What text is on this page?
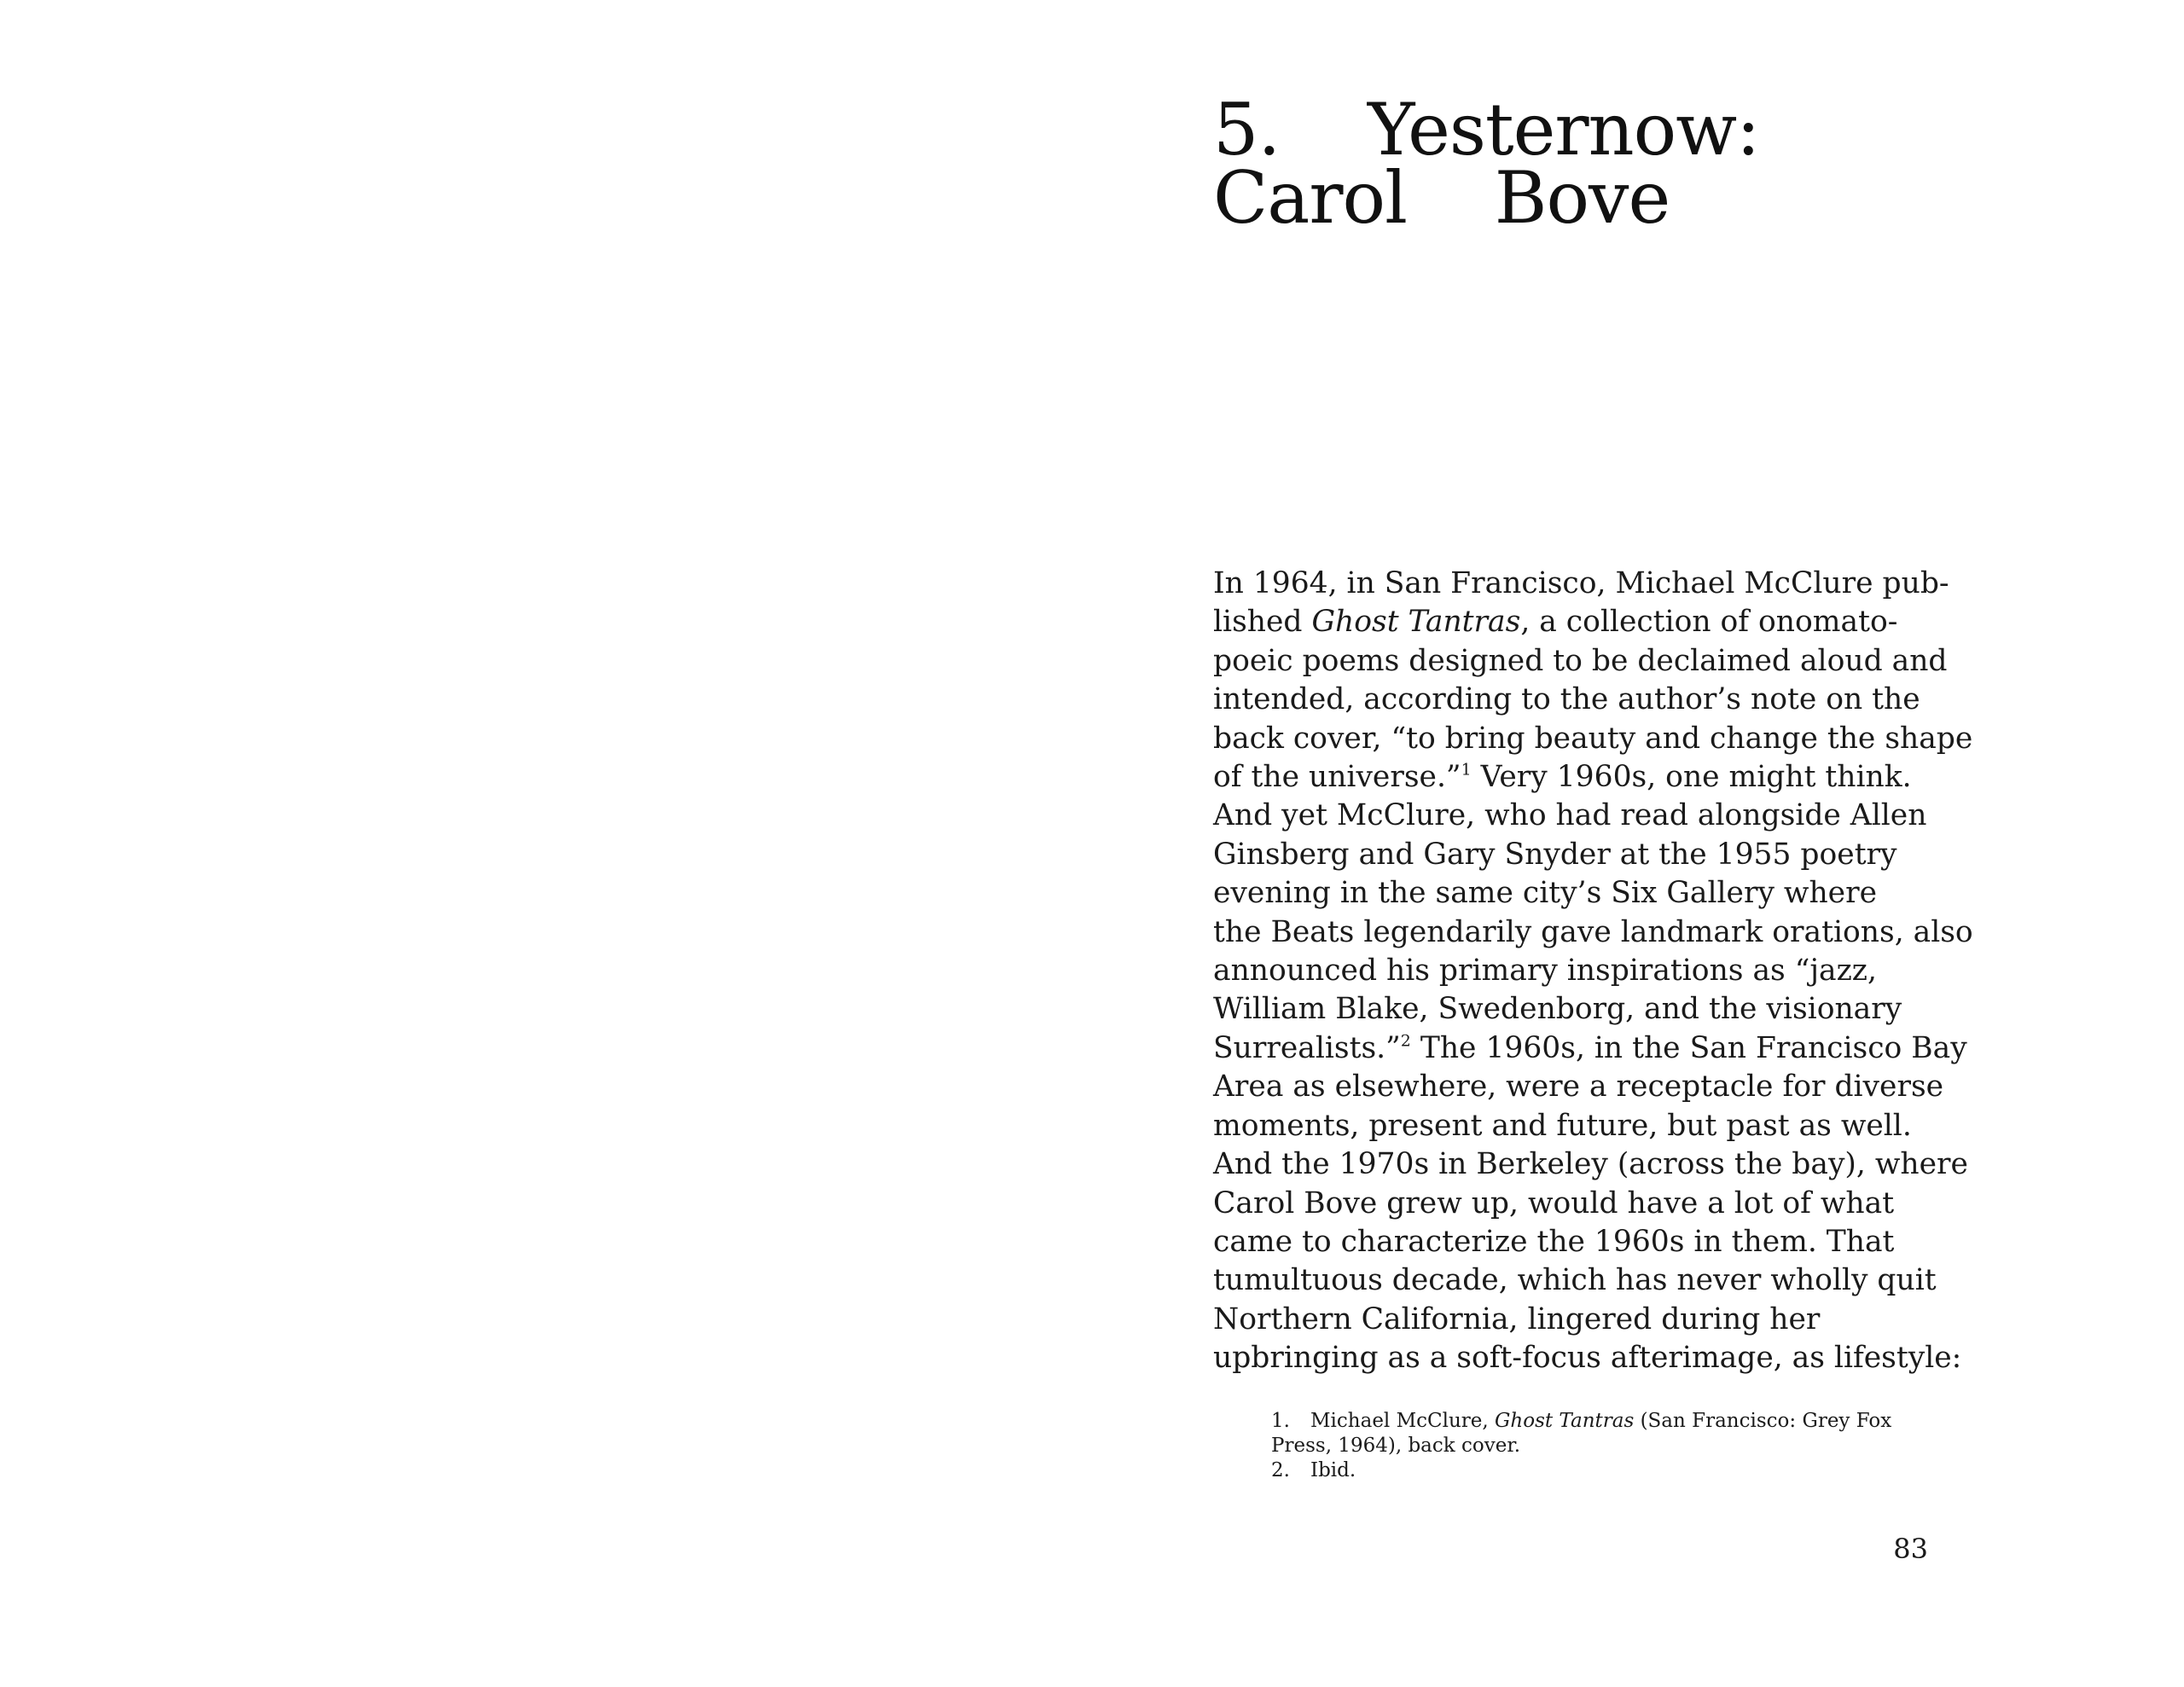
5.    Yesternow:
Carol    Bove
In 1964, in San Francisco, Michael McClure pub-
lished Ghost Tantras, a collection of onomato-
poeic poems designed to be declaimed aloud and
intended, according to the author’s note on the
back cover, “to bring beauty and change the shape
of the universe.”$^1$ Very 1960s, one might think.
And yet McClure, who had read alongside Allen
Ginsberg and Gary Snyder at the 1955 poetry
evening in the same city’s Six Gallery where
the Beats legendarily gave landmark orations, also
announced his primary inspirations as “jazz,
William Blake, Swedenborg, and the visionary
Surrealists.”$^2$ The 1960s, in the San Francisco Bay
Area as elsewhere, were a receptacle for diverse
moments, present and future, but past as well.
And the 1970s in Berkeley (across the bay), where
Carol Bove grew up, would have a lot of what
came to characterize the 1960s in them. That
tumultuous decade, which has never wholly quit
Northern California, lingered during her
upbringing as a soft-focus afterimage, as lifestyle:
1. Michael McClure, Ghost Tantras (San Francisco: Grey Fox
Press, 1964), back cover.
2. Ibid.
83
